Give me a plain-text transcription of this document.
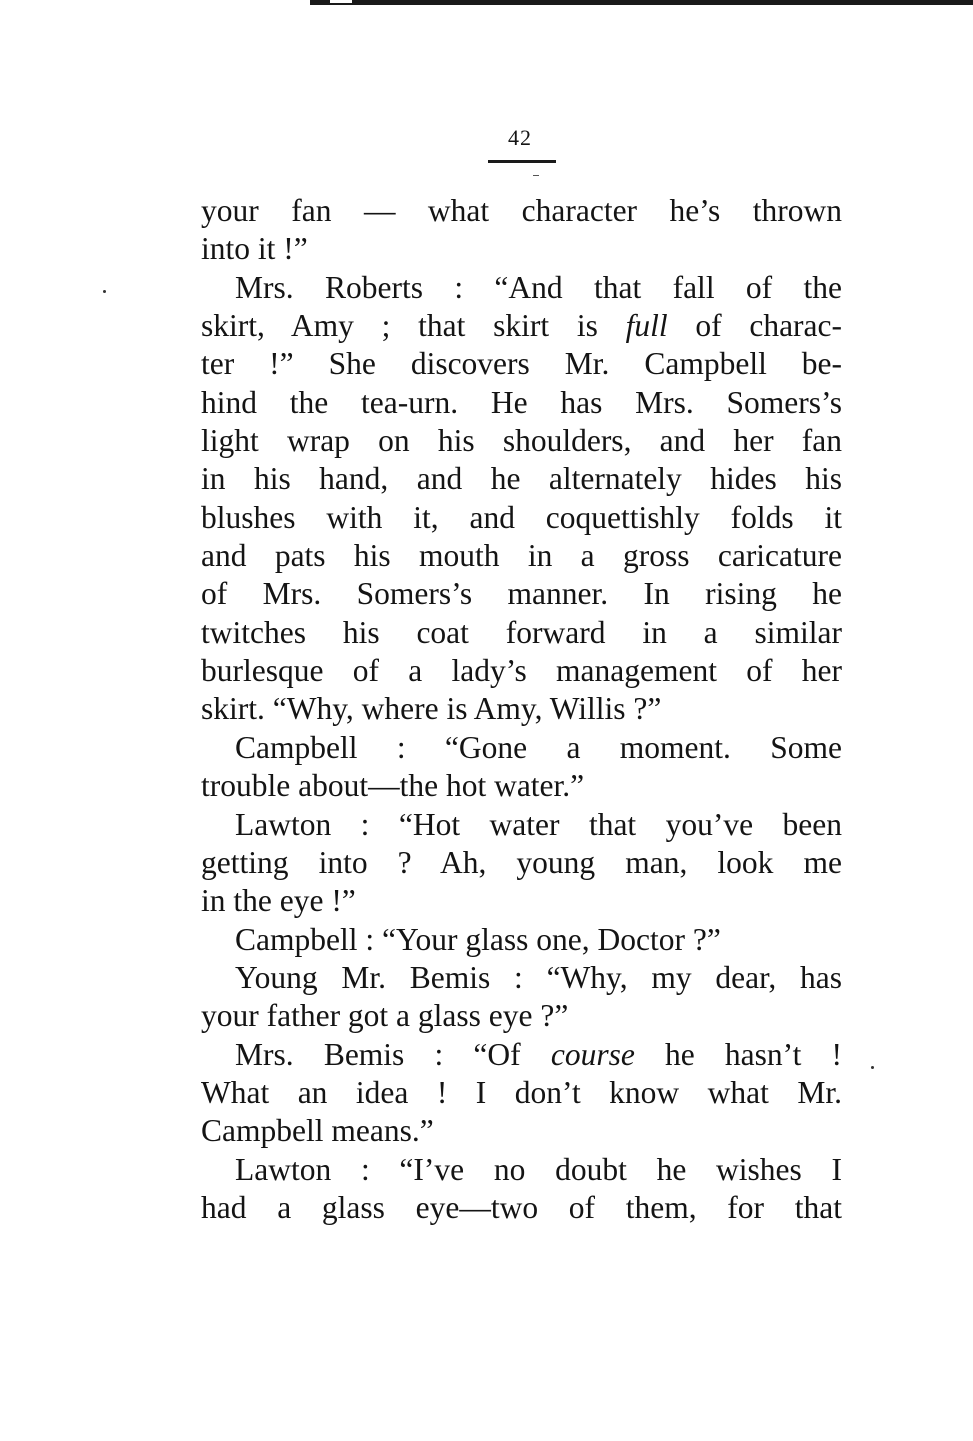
42
your fan — what character he’s thrown
into it !”
Mrs. Roberts : “And that fall of the
skirt, Amy ; that skirt is full of charac-
ter !” She discovers Mr. Campbell be-
hind the tea-urn. He has Mrs. Somers’s
light wrap on his shoulders, and her fan
in his hand, and he alternately hides his
blushes with it, and coquettishly folds it
and pats his mouth in a gross caricature
of Mrs. Somers’s manner. In rising he
twitches his coat forward in a similar
burlesque of a lady’s management of her
skirt. “Why, where is Amy, Willis ?”
Campbell : “Gone a moment. Some
trouble about—the hot water.”
Lawton : “Hot water that you’ve been
getting into ? Ah, young man, look me
in the eye !”
Campbell : “Your glass one, Doctor ?”
Young Mr. Bemis : “Why, my dear, has
your father got a glass eye ?”
Mrs. Bemis : “Of course he hasn’t !
What an idea ! I don’t know what Mr.
Campbell means.”
Lawton : “I’ve no doubt he wishes I
had a glass eye—two of them, for that
